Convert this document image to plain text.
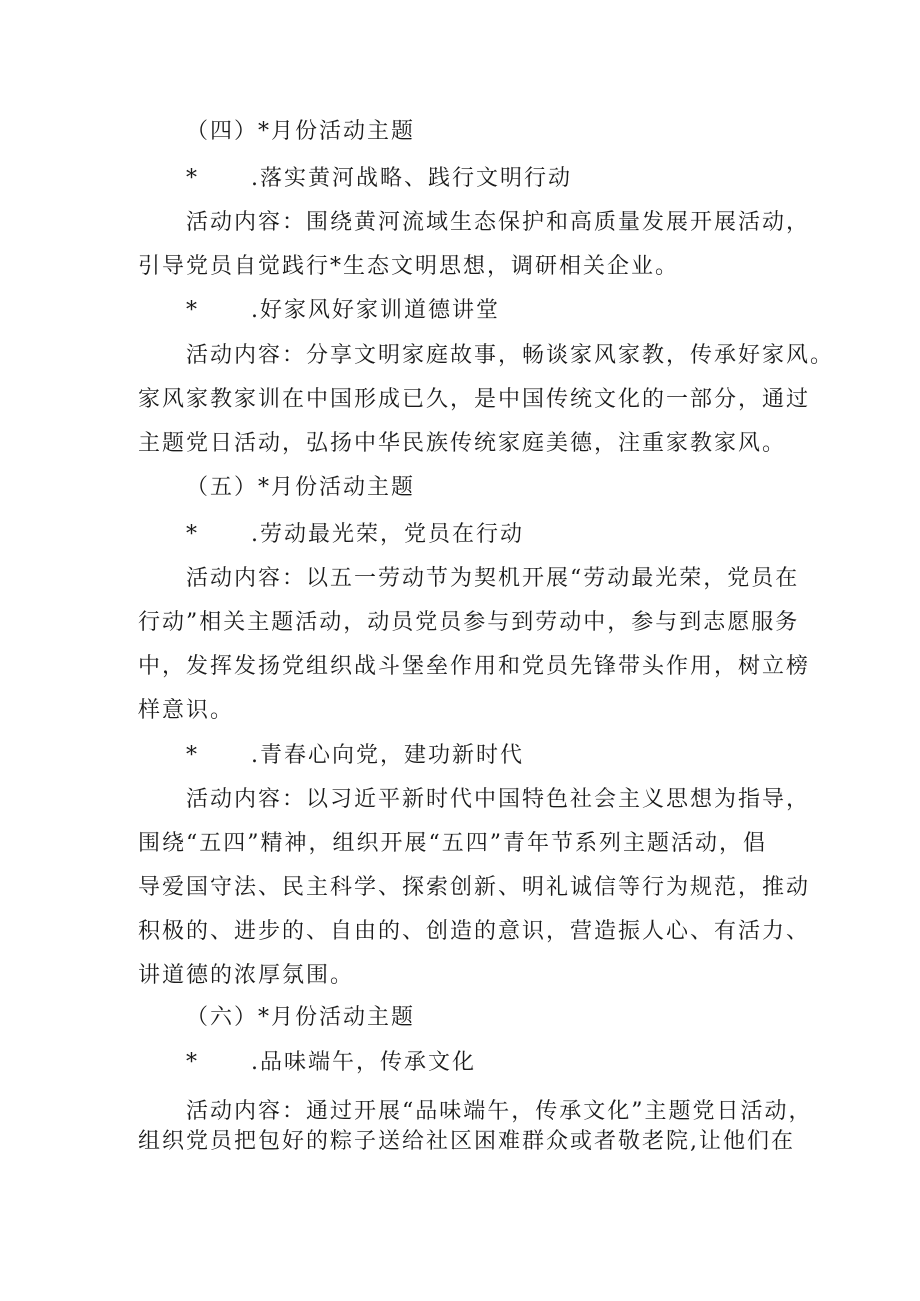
（四）*月份活动主题
* .落实黄河战略、践行文明行动
活动内容：围绕黄河流域生态保护和高质量发展开展活动，
引导党员自觉践行*生态文明思想，调研相关企业。
* .好家风好家训道德讲堂
活动内容：分享文明家庭故事，畅谈家风家教，传承好家风。
家风家教家训在中国形成已久，是中国传统文化的一部分，通过
主题党日活动，弘扬中华民族传统家庭美德，注重家教家风。
（五）*月份活动主题
* .劳动最光荣，党员在行动
活动内容：以五一劳动节为契机开展“劳动最光荣，党员在
行动”相关主题活动，动员党员参与到劳动中，参与到志愿服务
中，发挥发扬党组织战斗堡垒作用和党员先锋带头作用，树立榜
样意识。
* .青春心向党，建功新时代
活动内容：以习近平新时代中国特色社会主义思想为指导，
围绕“五四”精神，组织开展“五四”青年节系列主题活动，倡
导爱国守法、民主科学、探索创新、明礼诚信等行为规范，推动
积极的、进步的、自由的、创造的意识，营造振人心、有活力、
讲道德的浓厚氛围。
（六）*月份活动主题
* .品味端午，传承文化
活动内容：通过开展“品味端午，传承文化”主题党日活动，
组织党员把包好的粽子送给社区困难群众或者敬老院,让他们在
